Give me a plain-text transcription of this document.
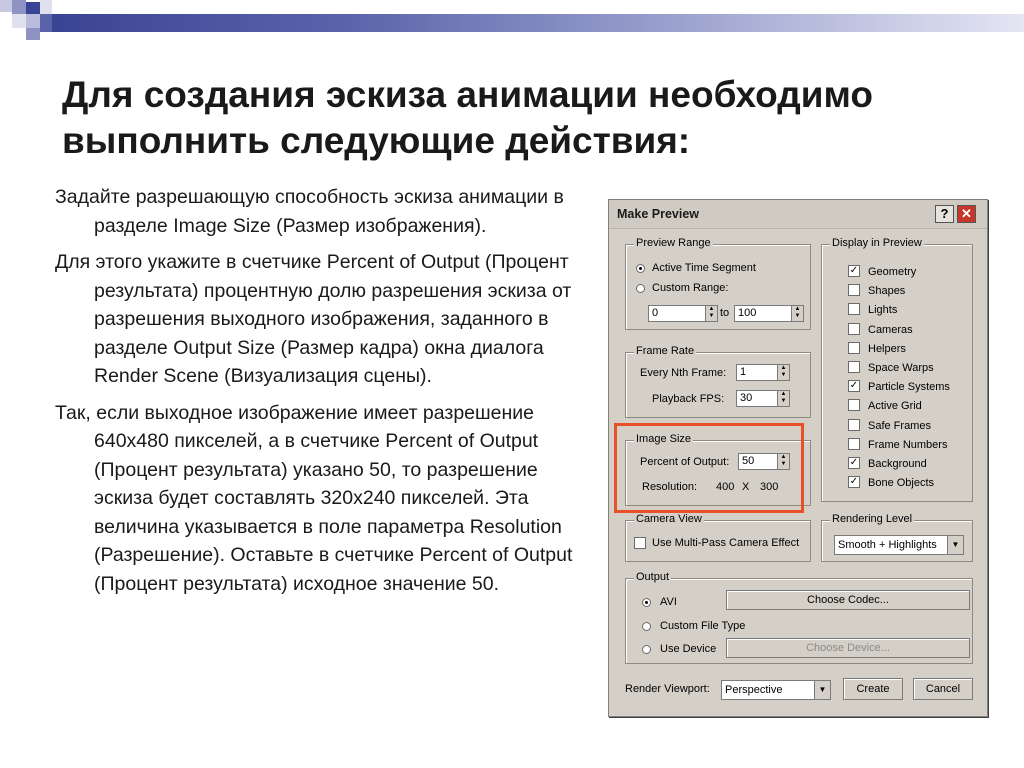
Для создания эскиза анимации необходимо выполнить следующие действия:

Задайте разрешающую способность эскиза анимации в разделе Image Size (Размер изображения).

Для этого укажите в счетчике Percent of Output (Процент результата) процентную долю разрешения эскиза от разрешения выходного изображения, заданного в разделе Output Size (Размер кадра) окна диалога Render Scene (Визуализация сцены).

Так, если выходное изображение имеет разрешение 640x480 пикселей, а в счетчике Percent of Output (Процент результата) указано 50, то разрешение эскиза будет составлять 320x240 пикселей. Эта величина указывается в поле параметра Resolution (Разрешение). Оставьте в счетчике Percent of Output (Процент результата) исходное значение 50.

Make Preview	? ✕
Preview Range
Active Time Segment
Custom Range:
0	▲
▼ to 100	▲
▼
Frame Rate
Every Nth Frame: 1	▲
▼
Playback FPS: 30	▲
▼
Image Size
Percent of Output: 50	▲
▼
Resolution: 400 X 300
Display in Preview
✓ Geometry
Shapes
Lights
Cameras
Helpers
Space Warps
✓ Particle Systems
Active Grid
Safe Frames
Frame Numbers
✓ Background
✓ Bone Objects
Camera View
Use Multi-Pass Camera Effect
Rendering Level
Smooth + Highlights	▼
Output
AVI	Choose Codec...
Custom File Type
Use Device	Choose Device...
Render Viewport: Perspective	▼	Create	Cancel
